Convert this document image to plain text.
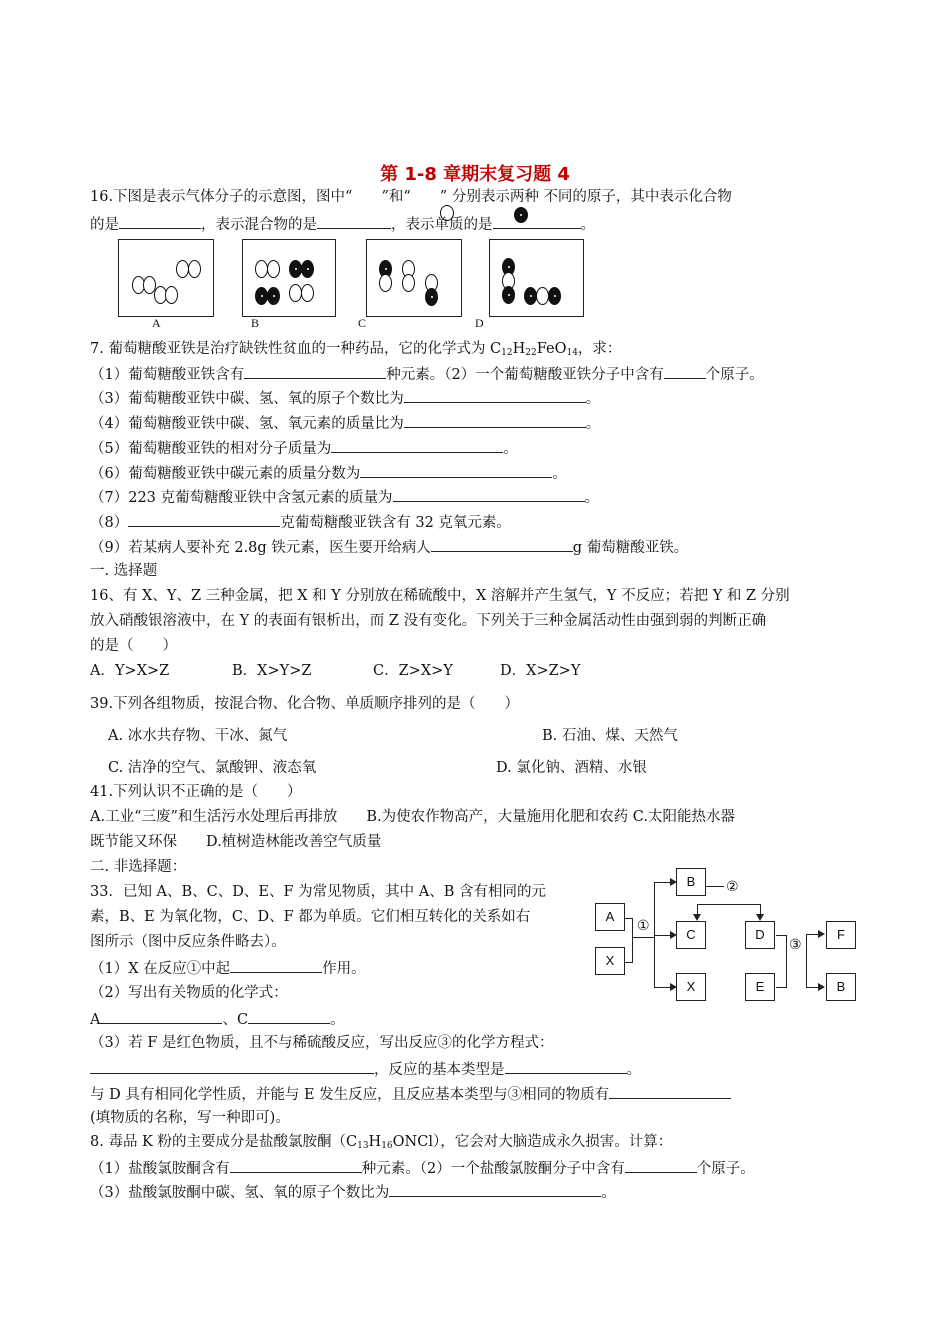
第 1-8 章期末复习题 4
16.下图是表示气体分子的示意图，图中“　　”和“　　” 分别表示两种 不同的原子，其中表示化合物
的是	，表示混合物的是	，表示单质的是	。
A	B	C	D
7. 葡萄糖酸亚铁是治疗缺铁性贫血的一种药品，它的化学式为 $C_{12}H_{22}FeO_{14}$，求：
（1）葡萄糖酸亚铁含有	种元素。（2）一个葡萄糖酸亚铁分子中含有	个原子。
（3）葡萄糖酸亚铁中碳、氢、氧的原子个数比为	。
（4）葡萄糖酸亚铁中碳、氢、氧元素的质量比为	。
（5）葡萄糖酸亚铁的相对分子质量为	。
（6）葡萄糖酸亚铁中碳元素的质量分数为	。
（7）223 克葡萄糖酸亚铁中含氢元素的质量为	。
（8）	克葡萄糖酸亚铁含有 32 克氧元素。
（9）若某病人要补充 2.8g 铁元素，医生要开给病人	g 葡萄糖酸亚铁。
一. 选择题
16、有 X、Y、Z 三种金属，把 X 和 Y 分别放在稀硫酸中，X 溶解并产生氢气，Y 不反应；若把 Y 和 Z 分别
放入硝酸银溶液中，在 Y 的表面有银析出，而 Z 没有变化。下列关于三种金属活动性由强到弱的判断正确
的是（　　）
A．Y>X>Z	B．X>Y>Z	C．Z>X>Y	D．X>Z>Y
39.下列各组物质，按混合物、化合物、单质顺序排列的是（　　）
A. 冰水共存物、干冰、氮气	B. 石油、煤、天然气
C. 洁净的空气、氯酸钾、液态氧	D. 氯化钠、酒精、水银
41.下列认识不正确的是（　　）
A.工业“三废”和生活污水处理后再排放　　B.为使农作物高产，大量施用化肥和农药 C.太阳能热水器
既节能又环保　　D.植树造林能改善空气质量
二. 非选择题：
33．已知 A、B、C、D、E、F 为常见物质，其中 A、B 含有相同的元
素，B、E 为氧化物，C、D、F 都为单质。它们相互转化的关系如右
图所示（图中反应条件略去）。
（1）X 在反应①中起	作用。
（2）写出有关物质的化学式：
A	、C	。
（3）若 F 是红色物质，且不与稀硫酸反应，写出反应③的化学方程式：
，反应的基本类型是	。
与 D 具有相同化学性质，并能与 E 发生反应，且反应基本类型与③相同的物质有
(填物质的名称，写一种即可)。
①
②
③
A
X
B
C
X
D
E
F
B
8. 毒品 K 粉的主要成分是盐酸氯胺酮$(C_{13}H_{16}ONCl)$，它会对大脑造成永久损害。计算：
（1）盐酸氯胺酮含有	种元素。（2）一个盐酸氯胺酮分子中含有	个原子。
（3）盐酸氯胺酮中碳、氢、氧的原子个数比为	。
